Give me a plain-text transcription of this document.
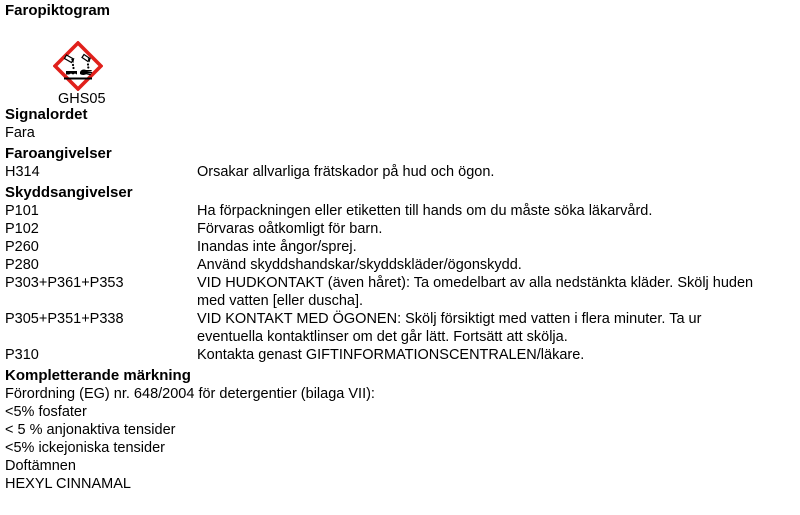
Faropiktogram

GHS05

Signalordet

Fara

Faroangivelser

H314	Orsakar allvarliga frätskador på hud och ögon.

Skyddsangivelser

P101	Ha förpackningen eller etiketten till hands om du måste söka läkarvård.
P102	Förvaras oåtkomligt för barn.
P260	Inandas inte ångor/sprej.
P280	Använd skyddshandskar/skyddskläder/ögonskydd.
P303+P361+P353	VID HUDKONTAKT (även håret): Ta omedelbart av alla nedstänkta kläder. Skölj huden
med vatten [eller duscha].
P305+P351+P338	VID KONTAKT MED ÖGONEN: Skölj försiktigt med vatten i flera minuter. Ta ur
eventuella kontaktlinser om det går lätt. Fortsätt att skölja.
P310	Kontakta genast GIFTINFORMATIONSCENTRALEN/läkare.

Kompletterande märkning

Förordning (EG) nr. 648/2004 för detergentier (bilaga VII):

<5% fosfater

< 5 % anjonaktiva tensider

<5% ickejoniska tensider

Doftämnen

HEXYL CINNAMAL
